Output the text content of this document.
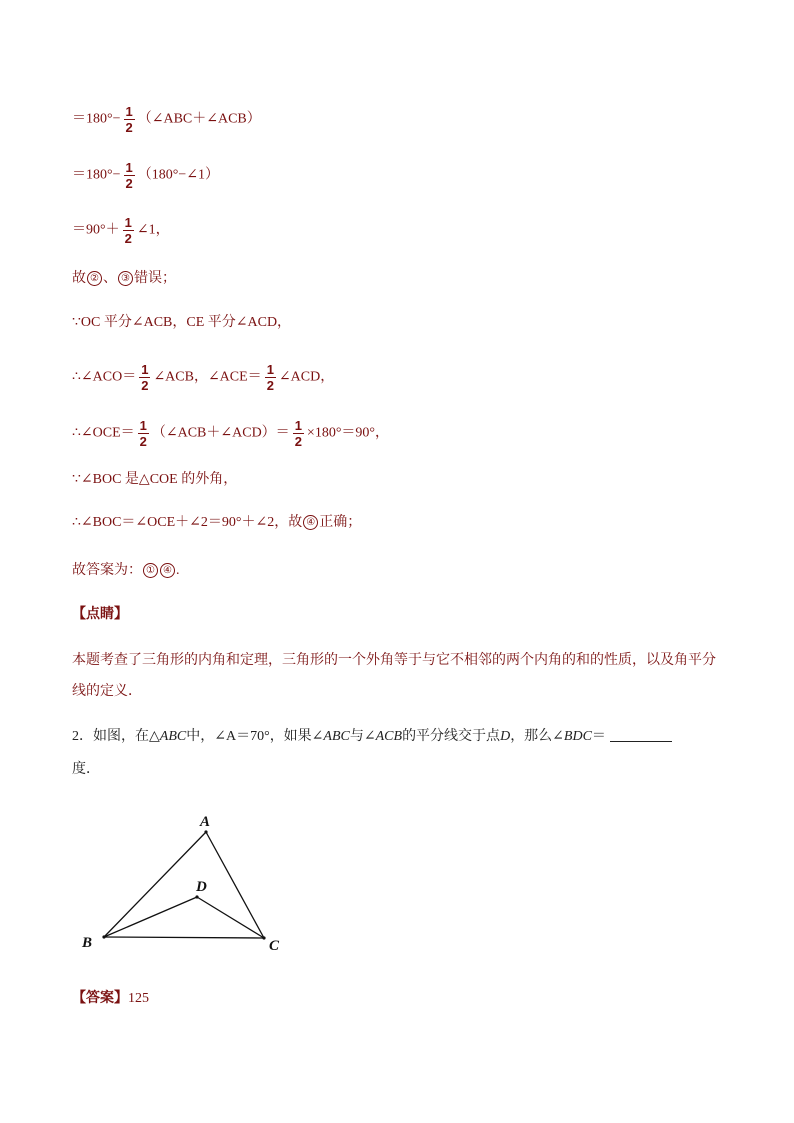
$=180^\circ- \frac{1}{2}$ （∠ABC＋∠ACB）
$=180^\circ- \frac{1}{2}$ （180°−∠1）
$=90^\circ+ \frac{1}{2}$ ∠1，
故 ② 、 ③ 错误；
∵OC 平分∠ACB，CE 平分∠ACD，
∴∠ACO＝ $\frac{1}{2}$ ∠ACB，∠ACE＝ $\frac{1}{2}$ ∠ACD，
∴∠OCE＝ $\frac{1}{2}$ （∠ACB＋∠ACD）＝ $\frac{1}{2} \times 180^\circ=90^\circ$，
∵∠BOC 是△COE 的外角，
∴∠BOC＝∠OCE＋∠2＝90°＋∠2，故 ④ 正确；
故答案为： ① ④ .
【点睛】
本题考查了三角形的内角和定理，三角形的一个外角等于与它不相邻的两个内角的和的性质，以及角平分
线的定义．
2．如图，在△ABC中，∠A＝70°，如果∠ABC与∠ACB的平分线交于点D，那么∠BDC＝
度．
A
B	C
D
【答案】125
